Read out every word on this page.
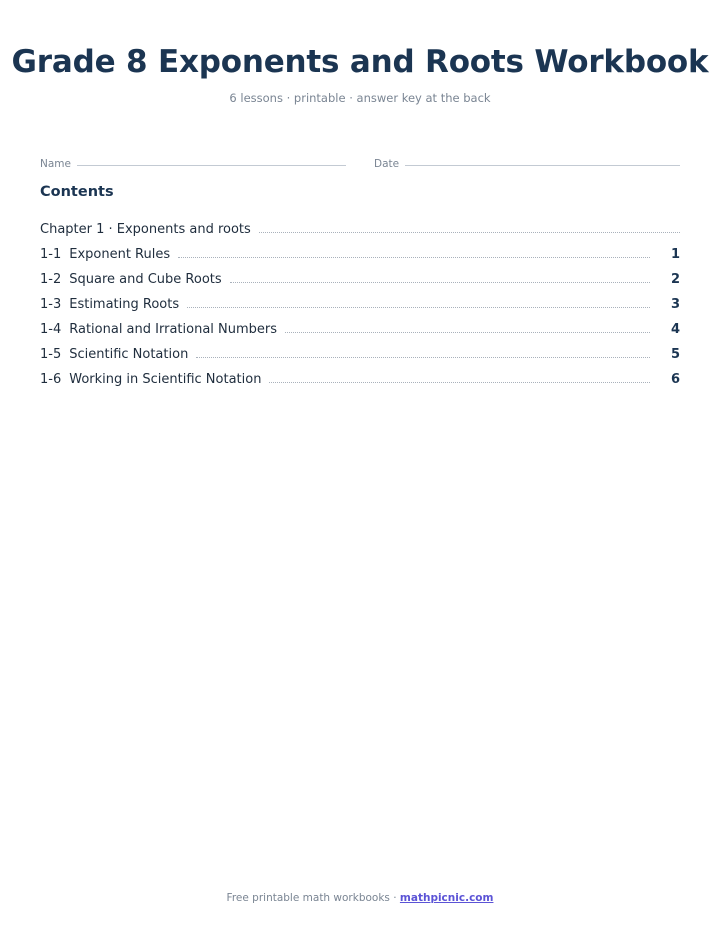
Grade 8 Exponents and Roots Workbook
6 lessons · printable · answer key at the back
Name	Date
Contents
Chapter 1 · Exponents and roots
1-1 Exponent Rules	1
1-2 Square and Cube Roots	2
1-3 Estimating Roots	3
1-4 Rational and Irrational Numbers	4
1-5 Scientific Notation	5
1-6 Working in Scientific Notation	6
Free printable math workbooks · mathpicnic.com
